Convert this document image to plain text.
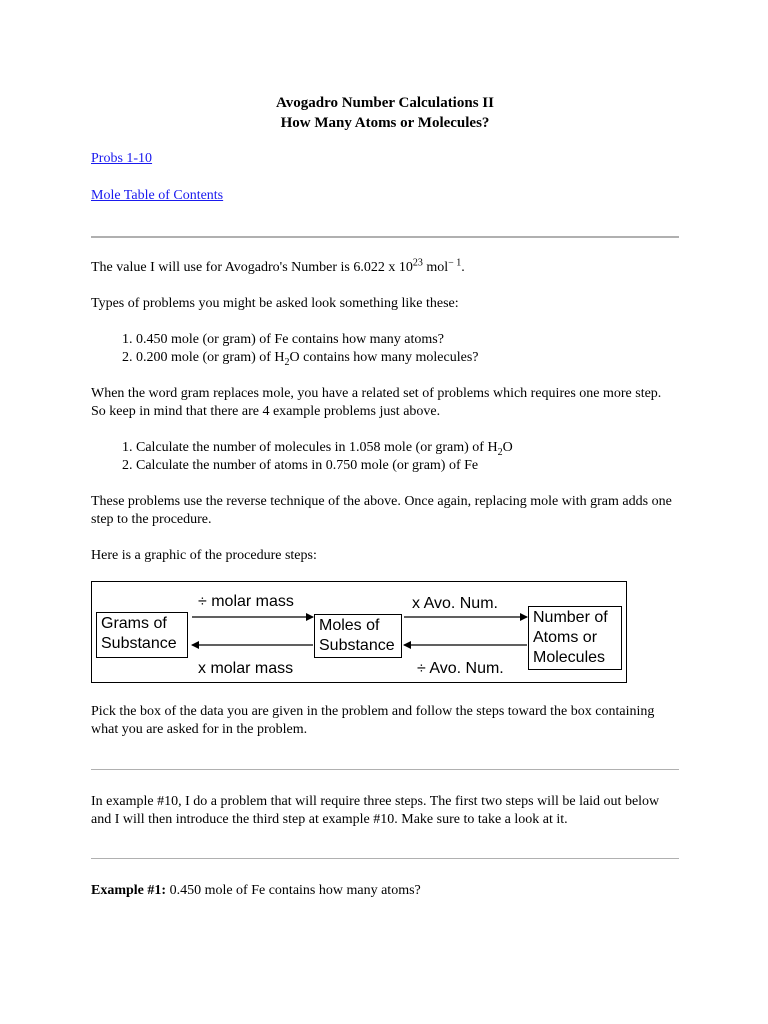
Avogadro Number Calculations II
How Many Atoms or Molecules?
Probs 1-10
Mole Table of Contents

The value I will use for Avogadro's Number is 6.022 x $10^{23}$ mol$^{- 1}$.

Types of problems you might be asked look something like these:

1. 0.450 mole (or gram) of Fe contains how many atoms?
2. 0.200 mole (or gram) of $H_2O$ contains how many molecules?

When the word gram replaces mole, you have a related set of problems which requires one more step. So keep in mind that there are 4 example problems just above.

1. Calculate the number of molecules in 1.058 mole (or gram) of $H_2O$
2. Calculate the number of atoms in 0.750 mole (or gram) of Fe

These problems use the reverse technique of the above. Once again, replacing mole with gram adds one step to the procedure.

Here is a graphic of the procedure steps:

Grams of
Substance
Moles of
Substance
Number of
Atoms or
Molecules
÷ molar mass
x molar mass
x Avo. Num.
÷ Avo. Num.

Pick the box of the data you are given in the problem and follow the steps toward the box containing what you are asked for in the problem.

In example #10, I do a problem that will require three steps. The first two steps will be laid out below and I will then introduce the third step at example #10. Make sure to take a look at it.

Example #1: 0.450 mole of Fe contains how many atoms?
